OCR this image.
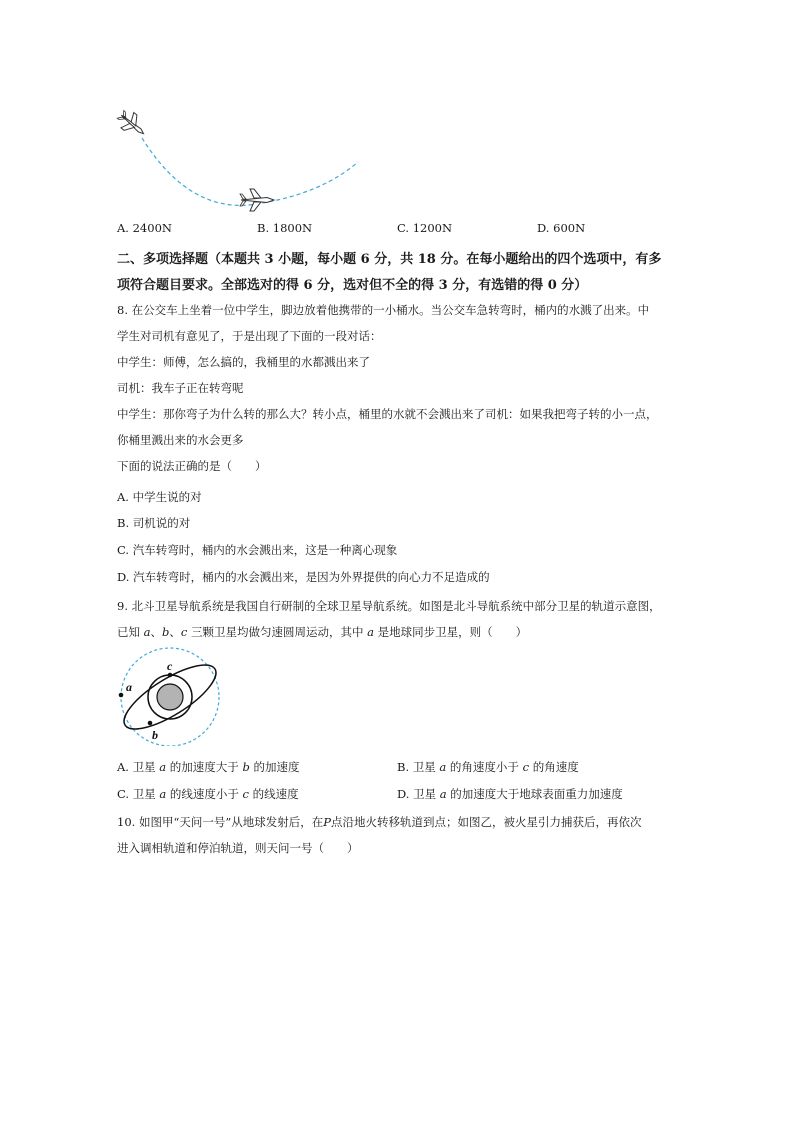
A. 2400N	B. 1800N	C. 1200N	D. 600N
二、多项选择题（本题共 3 小题，每小题 6 分，共 18 分。在每小题给出的四个选项中，有多
项符合题目要求。全部选对的得 6 分，选对但不全的得 3 分，有选错的得 0 分）
8. 在公交车上坐着一位中学生，脚边放着他携带的一小桶水。当公交车急转弯时，桶内的水溅了出来。中
学生对司机有意见了，于是出现了下面的一段对话：
中学生：师傅，怎么搞的，我桶里的水都溅出来了
司机：我车子正在转弯呢
中学生：那你弯子为什么转的那么大？转小点，桶里的水就不会溅出来了司机：如果我把弯子转的小一点，
你桶里溅出来的水会更多
下面的说法正确的是（　　）
A. 中学生说的对
B. 司机说的对
C. 汽车转弯时，桶内的水会溅出来，这是一种离心现象
D. 汽车转弯时，桶内的水会溅出来，是因为外界提供的向心力不足造成的
9. 北斗卫星导航系统是我国自行研制的全球卫星导航系统。如图是北斗导航系统中部分卫星的轨道示意图，
已知 a、b、c 三颗卫星均做匀速圆周运动，其中 a 是地球同步卫星，则（　　）
a
c
b
A. 卫星 a 的加速度大于 b 的加速度	B. 卫星 a 的角速度小于 c 的角速度
C. 卫星 a 的线速度小于 c 的线速度	D. 卫星 a 的加速度大于地球表面重力加速度
10. 如图甲“天问一号”从地球发射后，在P点沿地火转移轨道到点；如图乙，被火星引力捕获后，再依次
进入调相轨道和停泊轨道，则天问一号（　　）
